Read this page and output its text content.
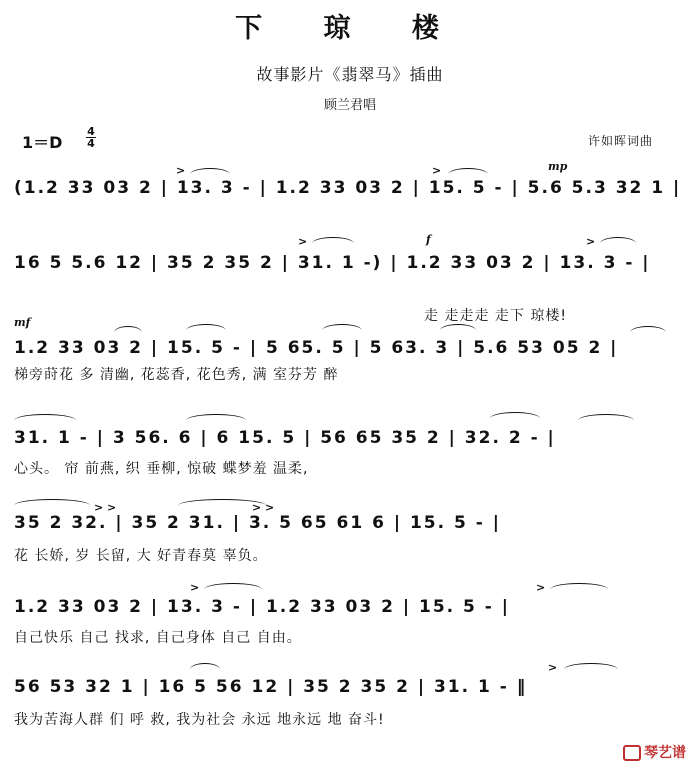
下 琼 楼
故事影片《翡翠马》插曲
顾兰君唱
1＝D
4
4	许如晖词曲
(1.2 33 03 2 | 13. 3 - | 1.2 33 03 2 | 15. 5 - | 5.6 5.3 32 1 |
mp
>	>
16 5 5.6 12 | 35 2 35 2 | 31. 1 -) | 1.2 33 03 2 | 13. 3 - |
走 走走走 走下 琼楼!
f
>	>
1.2 33 03 2 | 15. 5 - | 5 65. 5 | 5 63. 3 | 5.6 53 05 2 |
梯旁莳花 多 清幽, 花蕊香, 花色秀, 满 室芬芳 醉
mf
31. 1 - | 3 56. 6 | 6 15. 5 | 56 65 35 2 | 32. 2 - |
心头。 帘 前燕, 织 垂柳, 惊破 蝶梦羞 温柔,
35 2 32. | 35 2 31. | 3. 5 65 61 6 | 15. 5 - |
花 长娇, 岁 长留, 大 好青春莫 辜负。
> >	> >
1.2 33 03 2 | 13. 3 - | 1.2 33 03 2 | 15. 5 - |
自己快乐 自己 找求, 自己身体 自己 自由。
>	>
56 53 32 1 | 16 5 56 12 | 35 2 35 2 | 31. 1 - ‖
我为苦海人群 们 呼 救, 我为社会 永远 地永远 地 奋斗!
>
琴艺谱
